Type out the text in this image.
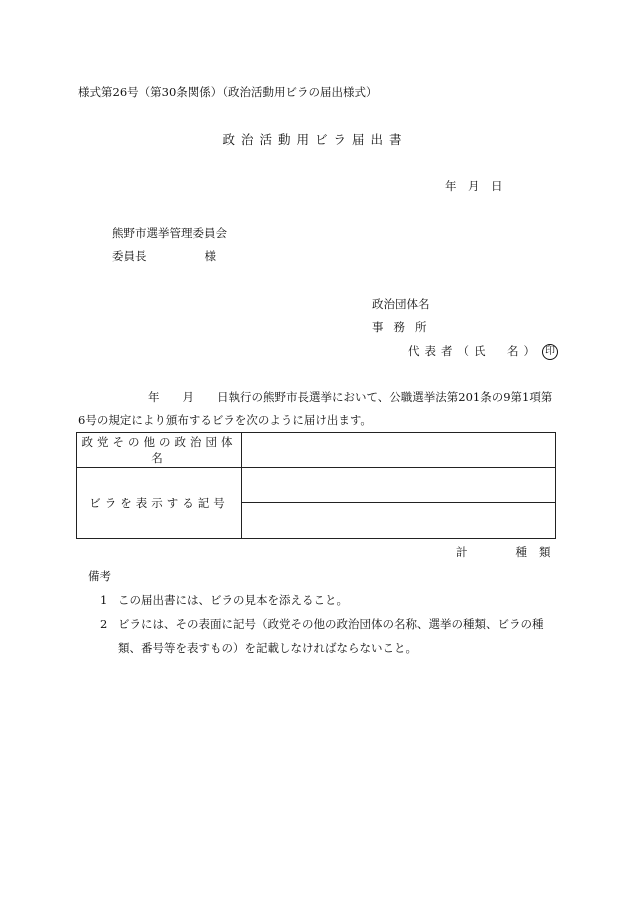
様式第26号（第30条関係）（政治活動用ビラの届出様式）
政治活動用ビラ届出書
年　月　日
熊野市選挙管理委員会
委員長	様
政治団体名
事務所
代表者（氏　名） 印
年　　月　　日執行の熊野市長選挙において、公職選挙法第201条の9第1項第
6号の規定により頒布するビラを次のように届け出ます。
政党その他の政治団体名	
ビラを表示する記号	

計	種類
備考
1 この届出書には、ビラの見本を添えること。
2 ビラには、その表面に記号（政党その他の政治団体の名称、選挙の種類、ビラの種
類、番号等を表すもの）を記載しなければならないこと。
